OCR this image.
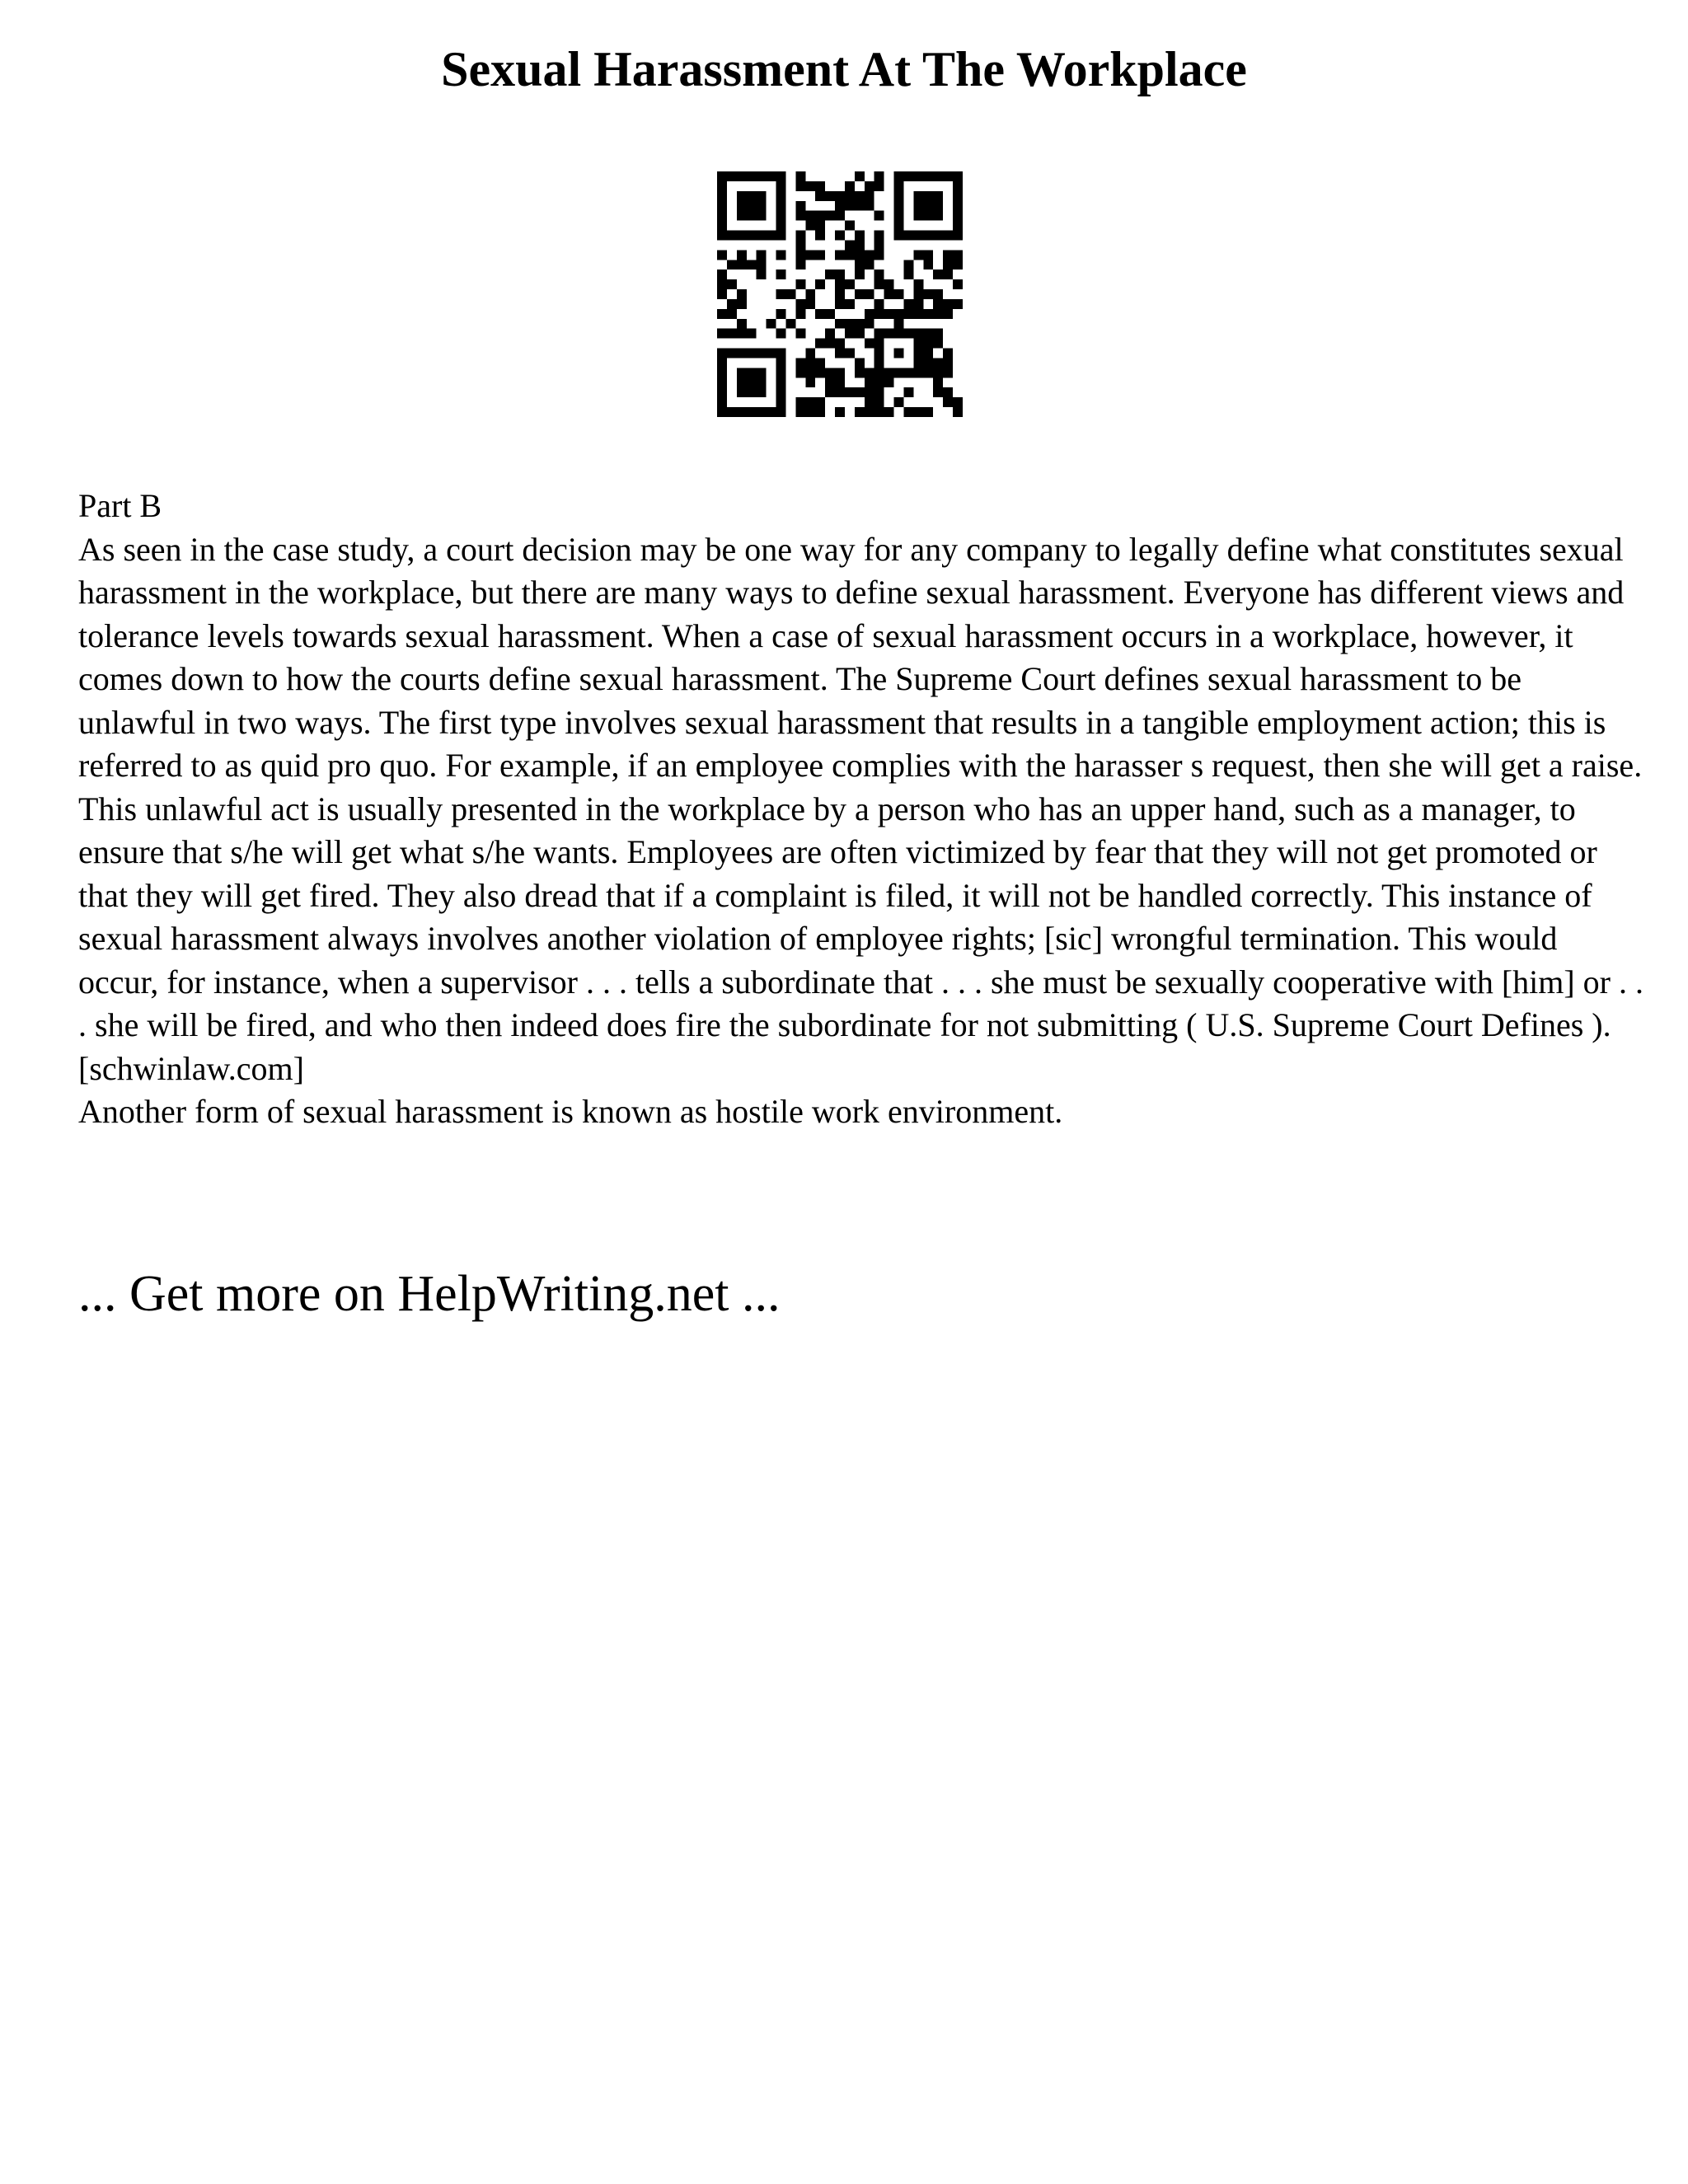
Sexual Harassment At The Workplace

Part B

As seen in the case study, a court decision may be one way for any company to legally define what constitutes sexual harassment in the workplace, but there are many ways to define sexual harassment. Everyone has different views and tolerance levels towards sexual harassment. When a case of sexual harassment occurs in a workplace, however, it comes down to how the courts define sexual harassment. The Supreme Court defines sexual harassment to be unlawful in two ways. The first type involves sexual harassment that results in a tangible employment action; this is referred to as quid pro quo. For example, if an employee complies with the harasser s request, then she will get a raise. This unlawful act is usually presented in the workplace by a person who has an upper hand, such as a manager, to ensure that s/he will get what s/he wants. Employees are often victimized by fear that they will not get promoted or that they will get fired. They also dread that if a complaint is filed, it will not be handled correctly. This instance of sexual harassment always involves another violation of employee rights; [sic] wrongful termination. This would occur, for instance, when a supervisor . . . tells a subordinate that . . . she must be sexually cooperative with [him] or . . . she will be fired, and who then indeed does fire the subordinate for not submitting ( U.S. Supreme Court Defines ).

[schwinlaw.com]

Another form of sexual harassment is known as hostile work environment.

... Get more on HelpWriting.net ...
